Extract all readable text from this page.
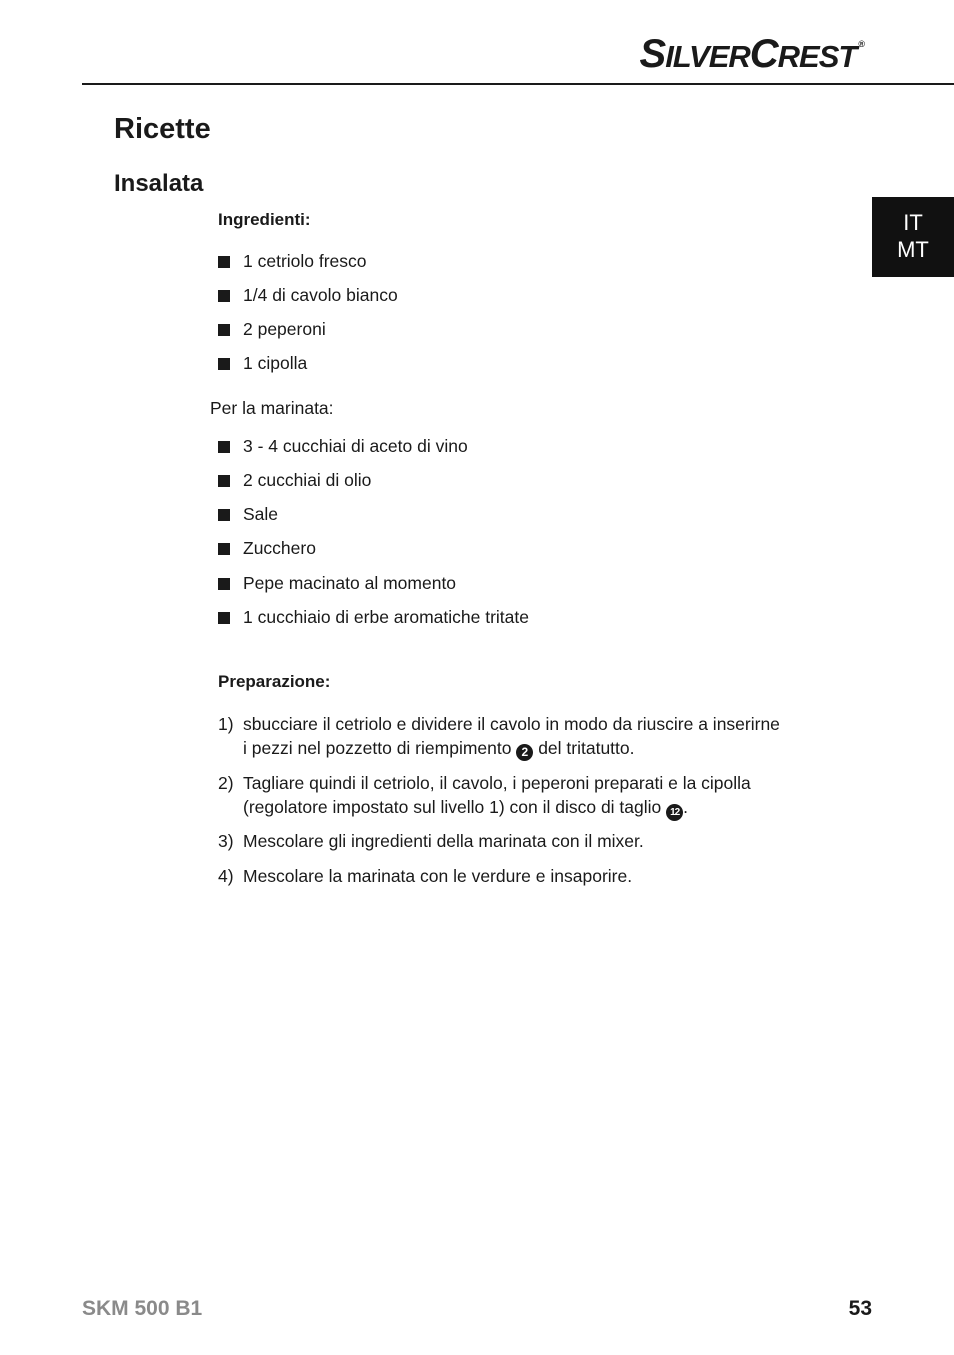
SILVERCREST ®
IT
MT
Ricette
Insalata
Ingredienti:
1 cetriolo fresco
1/4 di cavolo bianco
2 peperoni
1 cipolla
Per la marinata:
3 - 4 cucchiai di aceto di vino
2 cucchiai di olio
Sale
Zucchero
Pepe macinato al momento
1 cucchiaio di erbe aromatiche tritate
Preparazione:
1) sbucciare il cetriolo e dividere il cavolo in modo da riuscire a inserirne
i pezzi nel pozzetto di riempimento 2 del tritatutto.
2) Tagliare quindi il cetriolo, il cavolo, i peperoni preparati e la cipolla
(regolatore impostato sul livello 1) con il disco di taglio 12 .
3) Mescolare gli ingredienti della marinata con il mixer.
4) Mescolare la marinata con le verdure e insaporire.
SKM 500 B1	53
